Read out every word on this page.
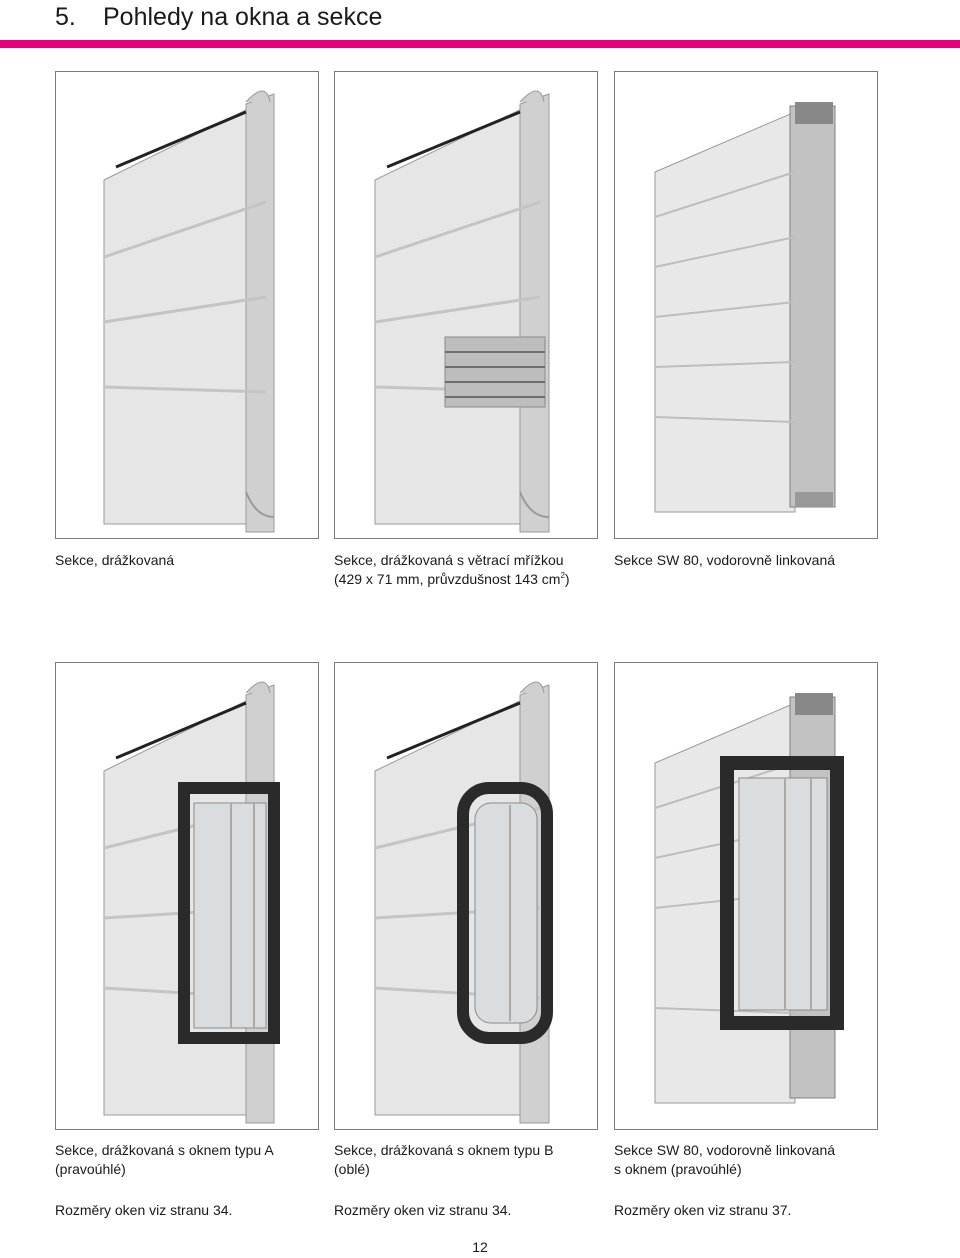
5. Pohledy na okna a sekce
Sekce, drážkovaná	Sekce, drážkovaná s větrací mřížkou
(429 x 71 mm, průvzdušnost 143 $cm^2$)
Sekce SW 80, vodorovně linkovaná
Sekce, drážkovaná s oknem typu A
(pravoúhlé)
Rozměry oken viz stranu 34.
Sekce, drážkovaná s oknem typu B
(oblé)
Rozměry oken viz stranu 34.
Sekce SW 80, vodorovně linkovaná
s oknem (pravoúhlé)
Rozměry oken viz stranu 37.
12
